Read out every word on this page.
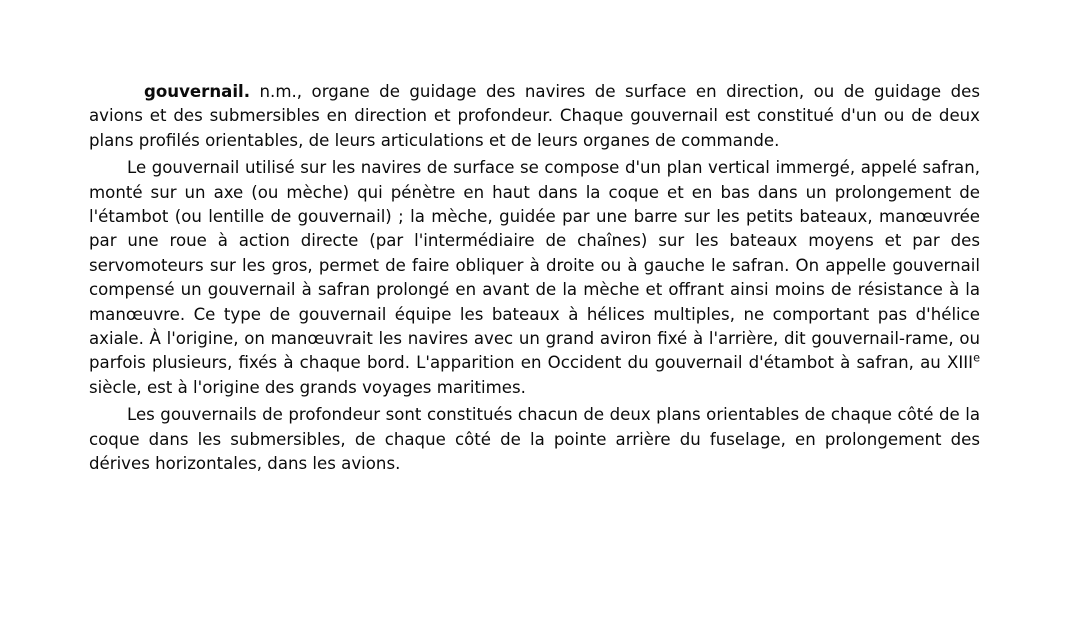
gouvernail. n.m., organe de guidage des navires de surface en direction, ou de guidage des avions et des submersibles en direction et profondeur. Chaque gouvernail est constitué d'un ou de deux plans profilés orientables, de leurs articulations et de leurs organes de commande.

Le gouvernail utilisé sur les navires de surface se compose d'un plan vertical immergé, appelé safran, monté sur un axe (ou mèche) qui pénètre en haut dans la coque et en bas dans un prolongement de l'étambot (ou lentille de gouvernail) ; la mèche, guidée par une barre sur les petits bateaux, manœuvrée par une roue à action directe (par l'intermédiaire de chaînes) sur les bateaux moyens et par des servomoteurs sur les gros, permet de faire obliquer à droite ou à gauche le safran. On appelle gouvernail compensé un gouvernail à safran prolongé en avant de la mèche et offrant ainsi moins de résistance à la manœuvre. Ce type de gouvernail équipe les bateaux à hélices multiples, ne comportant pas d'hélice axiale. À l'origine, on manœuvrait les navires avec un grand aviron fixé à l'arrière, dit gouvernail-rame, ou parfois plusieurs, fixés à chaque bord. L'apparition en Occident du gouvernail d'étambot à safran, au XIIIe siècle, est à l'origine des grands voyages maritimes.

Les gouvernails de profondeur sont constitués chacun de deux plans orientables de chaque côté de la coque dans les submersibles, de chaque côté de la pointe arrière du fuselage, en prolongement des dérives horizontales, dans les avions.
